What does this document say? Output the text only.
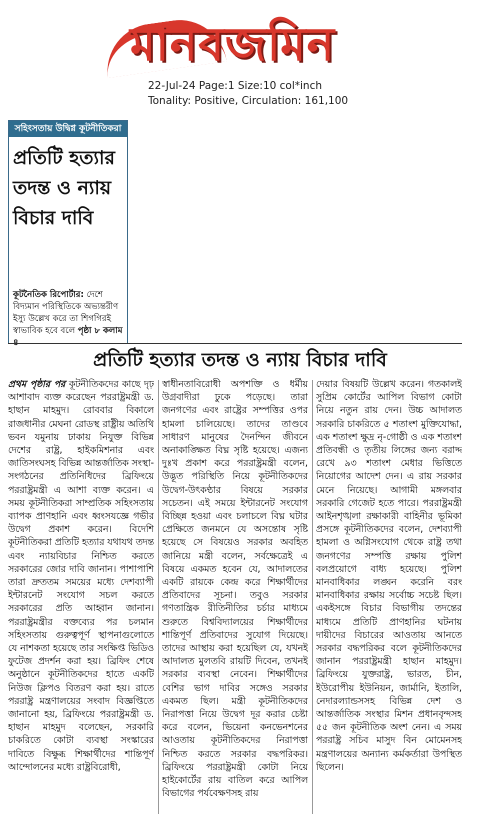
মানবজমিন
22-Jul-24 Page:1 Size:10 col*inch
Tonality: Positive, Circulation: 161,100
সহিংসতায় উদ্বিগ্ন কূটনীতিকরা
প্রতিটি হত্যার তদন্ত ও ন্যায় বিচার দাবি
কূটনৈতিক রিপোর্টার: দেশে বিদ্যমান পরিস্থিতিকে অভ্যন্তরীণ ইস্যু উল্লেখ করে তা শিগগিরই স্বাভাবিক হবে বলে পৃষ্ঠা ৮ কলাম
প্রতিটি হত্যার তদন্ত ও ন্যায় বিচার দাবি
প্রথম পৃষ্ঠার পর কূটনীতিকদের কাছে দৃঢ় আশাবাদ ব্যক্ত করেছেন পররাষ্ট্রমন্ত্রী ড. হাছান মাহমুদ। রোববার বিকালে রাজধানীর মেঘনা রোডস্থ রাষ্ট্রীয় অতিথি ভবন যমুনায় ঢাকায় নিযুক্ত বিভিন্ন দেশের রাষ্ট্র, হাইকমিশনার এবং জাতিসংঘসহ বিভিন্ন আন্তর্জাতিক সংস্থা-সংগঠনের প্রতিনিধিদের ব্রিফিংয়ে পররাষ্ট্রমন্ত্রী এ আশা ব্যক্ত করেন। এ সময় কূটনীতিকরা সাম্প্রতিক সহিংসতায় ব্যাপক প্রাণহানি এবং ধ্বংসযজ্ঞে গভীর উদ্বেগ প্রকাশ করেন। বিদেশি কূটনীতিকরা প্রতিটি হত্যার যথাযথ তদন্ত এবং ন্যায়বিচার নিশ্চিত করতে সরকারের জোর দাবি জানান। পাশাপাশি তারা দ্রুততম সময়ের মধ্যে দেশব্যাপী ইন্টারনেট সংযোগ সচল করতে সরকারের প্রতি আহ্বান জানান। পররাষ্ট্রমন্ত্রীর বক্তব্যের পর চলমান সহিংসতায় গুরুত্বপূর্ণ স্থাপনাগুলোতে যে নাশকতা হয়েছে তার সংক্ষিপ্ত ভিডিও ফুটেজ প্রদর্শন করা হয়। ব্রিফিং শেষে অনুষ্ঠানে কূটনীতিকদের হাতে একটি নিউজ ক্লিপও বিতরণ করা হয়। রাতে পররাষ্ট্র মন্ত্রণালয়ের সংবাদ বিজ্ঞপ্তিতে জানানো হয়, ব্রিফিংয়ে পররাষ্ট্রমন্ত্রী ড. হাছান মাহমুদ বলেছেন, সরকারি চাকরিতে কোটা ব্যবস্থা সংস্কারের দাবিতে বিক্ষুব্ধ শিক্ষার্থীদের শান্তিপূর্ণ আন্দোলনের মধ্যে রাষ্ট্রবিরোধী,
স্বাধীনতাবিরোধী অপশক্তি ও ধর্মীয় উগ্রবাদীরা ঢুকে পড়েছে। তারা জনগণের এবং রাষ্ট্রের সম্পত্তির ওপর হামলা চালিয়েছে। তাদের তাণ্ডবে সাধারণ মানুষের দৈনন্দিন জীবনে অনাকাঙ্ক্ষিত বিঘ্ন সৃষ্টি হয়েছে। এজন্য দুঃখ প্রকাশ করে পররাষ্ট্রমন্ত্রী বলেন, উদ্ভূত পরিস্থিতি নিয়ে কূটনীতিকদের উদ্বেগ-উৎকণ্ঠার বিষয়ে সরকার সচেতন। এই সময়ে ইন্টারনেট সংযোগ বিচ্ছিন্ন হওয়া এবং চলাচলে বিঘ্ন ঘটার প্রেক্ষিতে জনমনে যে অসন্তোষ সৃষ্টি হয়েছে সে বিষয়েও সরকার অবহিত জানিয়ে মন্ত্রী বলেন, সর্বক্ষেত্রেই এ বিষয়ে একমত হবেন যে, আদালতের একটি রায়কে কেন্দ্র করে শিক্ষার্থীদের প্রতিবাদের সূচনা। তবুও সরকার গণতান্ত্রিক রীতিনীতির চর্চার মাধ্যমে শুরুতে বিশ্ববিদ্যালয়ের শিক্ষার্থীদের শান্তিপূর্ণ প্রতিবাদের সুযোগ দিয়েছে। তাদের আস্থায় করা হয়েছিল যে, যখনই আদালত মুলতবি রায়টি দিবেন, তখনই সরকার ব্যবস্থা নেবেন। শিক্ষার্থীদের বেশির ভাগ দাবির সঙ্গেও সরকার একমত ছিল। মন্ত্রী কূটনীতিকদের নিরাপত্তা নিয়ে উদ্বেগ দূর করার চেষ্টা করে বলেন, ভিয়েনা কনভেনশনের আওতায় কূটনীতিকদের নিরাপত্তা নিশ্চিত করতে সরকার বদ্ধপরিকর। ব্রিফিংয়ে পররাষ্ট্রমন্ত্রী কোটা নিয়ে হাইকোর্টের রায় বাতিল করে আপিল বিভাগের পর্যবেক্ষণসহ রায়
দেয়ার বিষয়টি উল্লেখ করেন। গতকালই সুপ্রিম কোর্টের আপিল বিভাগ কোটা নিয়ে নতুন রায় দেন। উচ্চ আদালত সরকারি চাকরিতে ৫ শতাংশ মুক্তিযোদ্ধা, এক শতাংশ ক্ষুদ্র নৃ-গোষ্ঠী ও এক শতাংশ প্রতিবন্ধী ও তৃতীয় লিঙ্গের জন্য বরাদ্দ রেখে ৯৩ শতাংশ মেধার ভিত্তিতে নিয়োগের আদেশ দেন। এ রায় সরকার মেনে নিয়েছে। আগামী মঙ্গলবার সরকারি গেজেট হতে পারে। পররাষ্ট্রমন্ত্রী আইনশৃঙ্খলা রক্ষাকারী বাহিনীর ভূমিকা প্রসঙ্গে কূটনীতিকদের বলেন, দেশব্যাপী হামলা ও অগ্নিসংযোগ থেকে রাষ্ট্র তথা জনগণের সম্পত্তি রক্ষায় পুলিশ বলপ্রয়োগে বাধ্য হয়েছে। পুলিশ মানবাধিকার লঙ্ঘন করেনি বরং মানবাধিকার রক্ষায় সর্বোচ্চ সচেষ্ট ছিল। একইসঙ্গে বিচার বিভাগীয় তদন্তের মাধ্যমে প্রতিটি প্রাণহানির ঘটনায় দায়ীদের বিচারের আওতায় আনতে সরকার বদ্ধপরিকর বলে কূটনীতিকদের জানান পররাষ্ট্রমন্ত্রী হাছান মাহমুদ। ব্রিফিংয়ে যুক্তরাষ্ট্র, ভারত, চীন, ইউরোপীয় ইউনিয়ন, জার্মানি, ইতালি, নেদারল্যান্ডসসহ বিভিন্ন দেশ ও আন্তর্জাতিক সংস্থার মিশন প্রধানবৃন্দসহ ৫৫ জন কূটনীতিক অংশ নেন। এ সময় পররাষ্ট্র সচিব মাসুদ বিন মোমেনসহ মন্ত্রণালয়ের অন্যান্য কর্মকর্তারা উপস্থিত ছিলেন।
